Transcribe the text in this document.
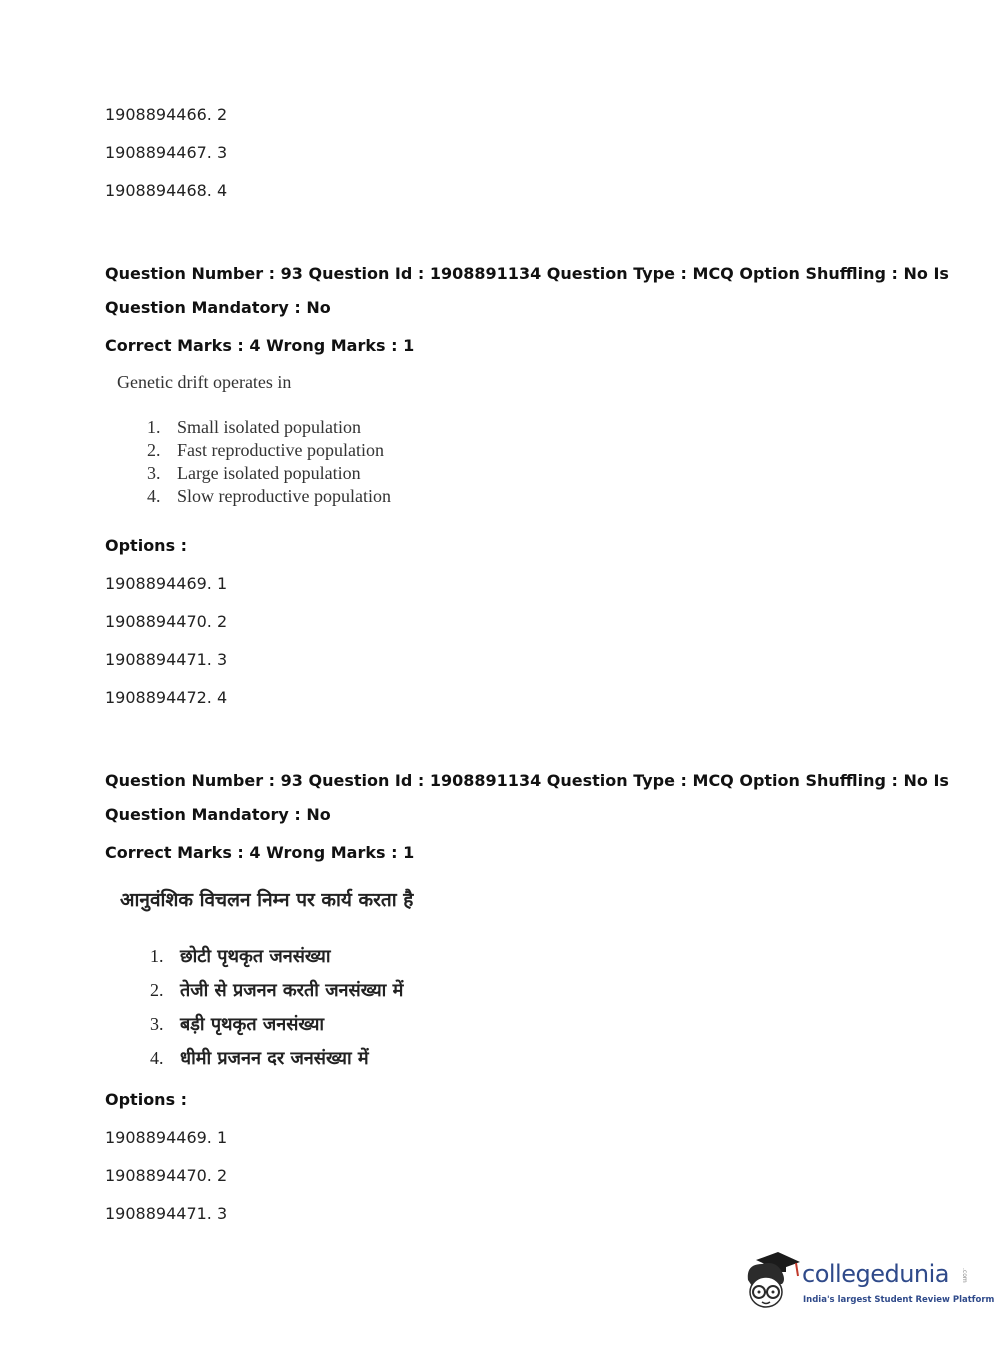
1908894466. 2
1908894467. 3
1908894468. 4
Question Number : 93 Question Id : 1908891134 Question Type : MCQ Option Shuffling : No Is
Question Mandatory : No
Correct Marks : 4 Wrong Marks : 1
Genetic drift operates in
1. Small isolated population
2. Fast reproductive population
3. Large isolated population
4. Slow reproductive population
Options :
1908894469. 1
1908894470. 2
1908894471. 3
1908894472. 4
Question Number : 93 Question Id : 1908891134 Question Type : MCQ Option Shuffling : No Is
Question Mandatory : No
Correct Marks : 4 Wrong Marks : 1
आनुवंशिक विचलन निम्न पर कार्य करता है
1. छोटी पृथकृत जनसंख्या
2. तेजी से प्रजनन करती जनसंख्या में
3. बड़ी पृथकृत जनसंख्या
4. धीमी प्रजनन दर जनसंख्या में
Options :
1908894469. 1
1908894470. 2
1908894471. 3
collegedunia .com
India's largest Student Review Platform
